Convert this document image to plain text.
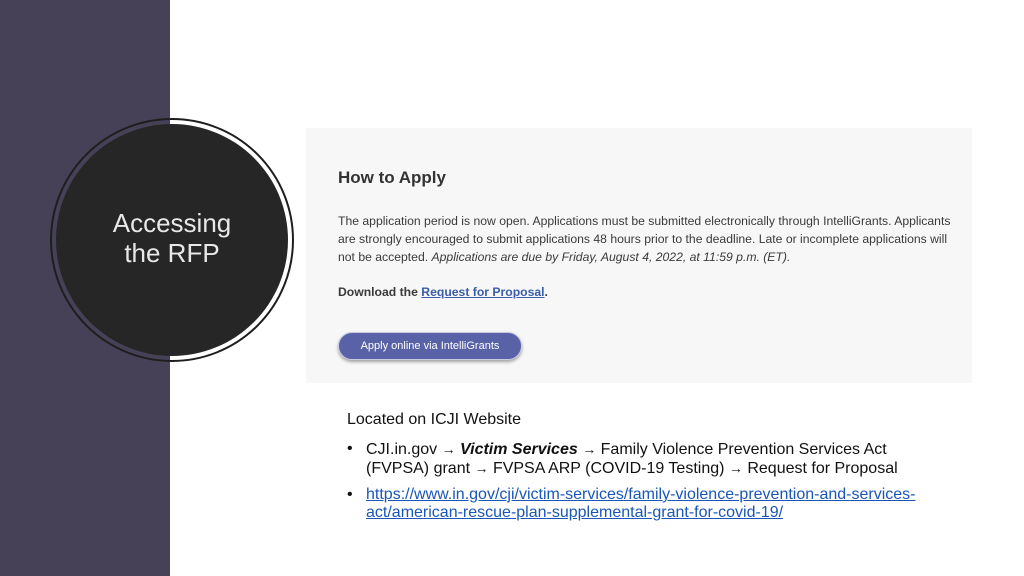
Accessing the RFP
How to Apply
The application period is now open. Applications must be submitted electronically through IntelliGrants. Applicants are strongly encouraged to submit applications 48 hours prior to the deadline. Late or incomplete applications will not be accepted. Applications are due by Friday, August 4, 2022, at 11:59 p.m. (ET).
Download the Request for Proposal.
Apply online via IntelliGrants
Located on ICJI Website
• CJI.in.gov → Victim Services → Family Violence Prevention Services Act (FVPSA) grant → FVPSA ARP (COVID-19 Testing) → Request for Proposal
• https://www.in.gov/cji/victim-services/family-violence-prevention-and-services-act/american-rescue-plan-supplemental-grant-for-covid-19/
